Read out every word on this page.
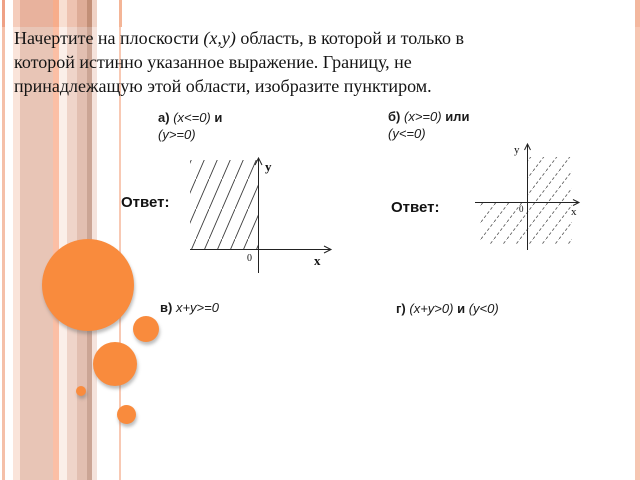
Начертите на плоскости (x,y) область, в которой и только в
которой истинно указанное выражение. Границу, не
принадлежащую этой области, изобразите пунктиром.
а) (x<=0) и
(y>=0)
б) (x>=0) или
(y<=0)
Ответ:	Ответ:
y
x
0
y
x
0
в) x+y>=0	г) (x+y>0) и (y<0)
